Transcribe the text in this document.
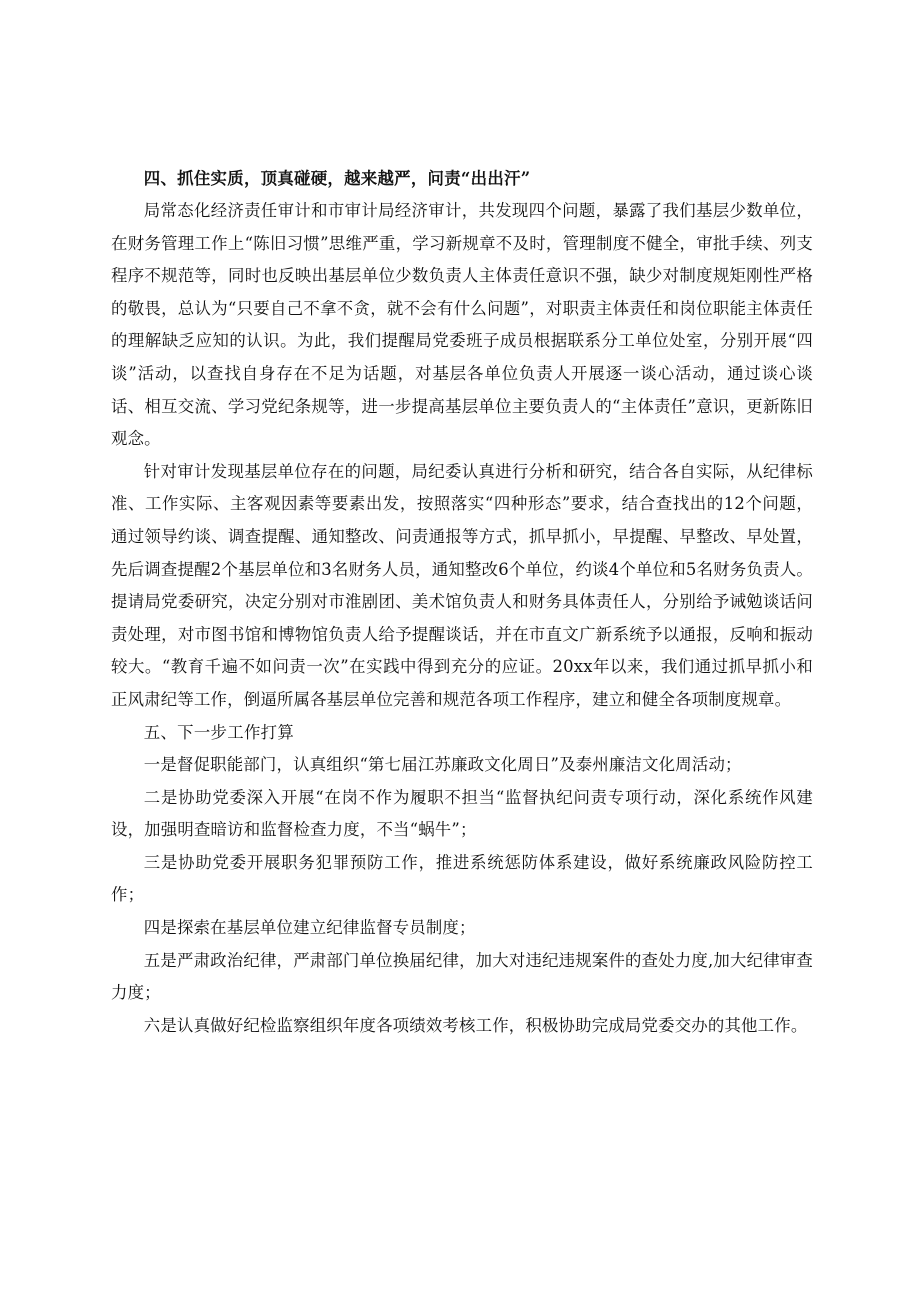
四、抓住实质，顶真碰硬，越来越严，问责“出出汗”

局常态化经济责任审计和市审计局经济审计，共发现四个问题，暴露了我们基层少数单位，在财务管理工作上“陈旧习惯”思维严重，学习新规章不及时，管理制度不健全，审批手续、列支程序不规范等，同时也反映出基层单位少数负责人主体责任意识不强，缺少对制度规矩刚性严格的敬畏，总认为“只要自己不拿不贪，就不会有什么问题”，对职责主体责任和岗位职能主体责任的理解缺乏应知的认识。为此，我们提醒局党委班子成员根据联系分工单位处室，分别开展“四谈”活动，以查找自身存在不足为话题，对基层各单位负责人开展逐一谈心活动，通过谈心谈话、相互交流、学习党纪条规等，进一步提高基层单位主要负责人的“主体责任”意识，更新陈旧观念。

针对审计发现基层单位存在的问题，局纪委认真进行分析和研究，结合各自实际，从纪律标准、工作实际、主客观因素等要素出发，按照落实“四种形态”要求，结合查找出的12个问题，通过领导约谈、调查提醒、通知整改、问责通报等方式，抓早抓小，早提醒、早整改、早处置，先后调查提醒2个基层单位和3名财务人员，通知整改6个单位，约谈4个单位和5名财务负责人。提请局党委研究，决定分别对市淮剧团、美术馆负责人和财务具体责任人，分别给予诫勉谈话问责处理，对市图书馆和博物馆负责人给予提醒谈话，并在市直文广新系统予以通报，反响和振动较大。“教育千遍不如问责一次”在实践中得到充分的应证。20xx年以来，我们通过抓早抓小和正风肃纪等工作，倒逼所属各基层单位完善和规范各项工作程序，建立和健全各项制度规章。

五、下一步工作打算

一是督促职能部门，认真组织“第七届江苏廉政文化周日”及泰州廉洁文化周活动；

二是协助党委深入开展“在岗不作为履职不担当“监督执纪问责专项行动，深化系统作风建设，加强明查暗访和监督检查力度，不当“蜗牛”；

三是协助党委开展职务犯罪预防工作，推进系统惩防体系建设，做好系统廉政风险防控工作；

四是探索在基层单位建立纪律监督专员制度；

五是严肃政治纪律，严肃部门单位换届纪律，加大对违纪违规案件的查处力度,加大纪律审查力度；

六是认真做好纪检监察组织年度各项绩效考核工作，积极协助完成局党委交办的其他工作。
